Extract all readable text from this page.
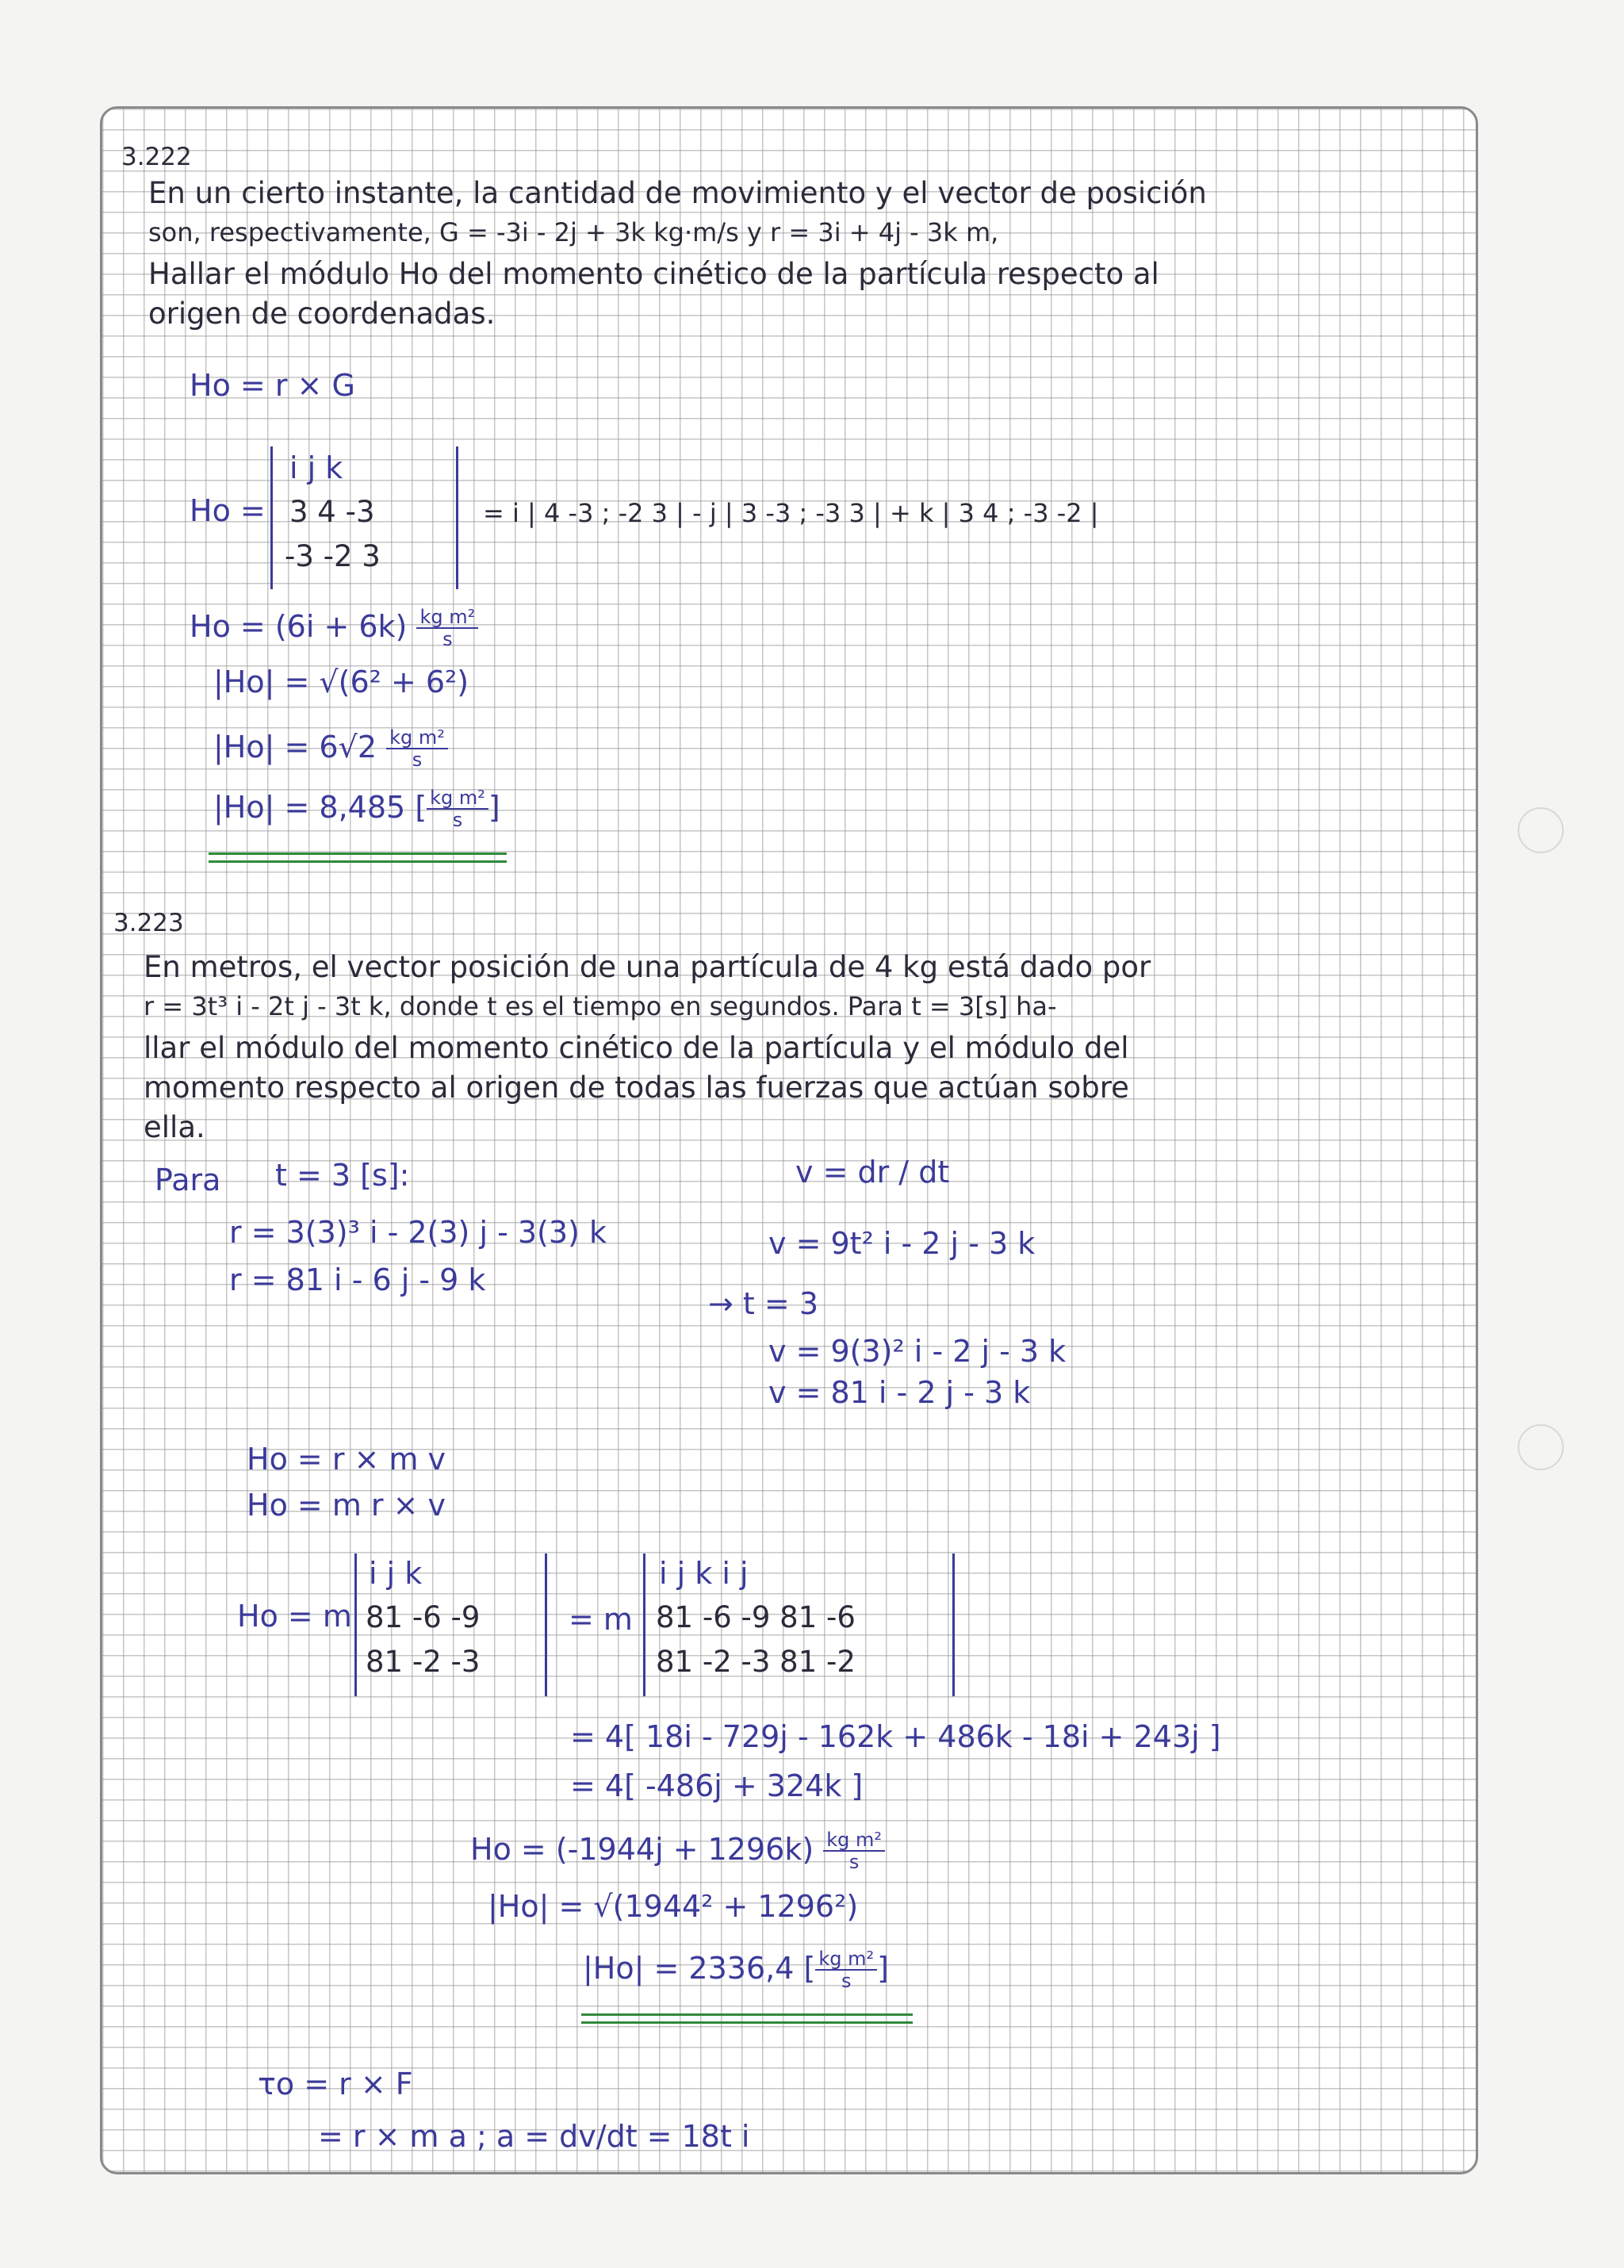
3.222
En un cierto instante, la cantidad de movimiento y el vector de posición
son, respectivamente, G = -3i - 2j + 3k kg·m/s y r = 3i + 4j - 3k m,
Hallar el módulo Ho del momento cinético de la partícula respecto al
origen de coordenadas.
Ho = r × G
Ho =
i j k
3 4 -3
-3 -2 3
= i | 4 -3 ; -2 3 | - j | 3 -3 ; -3 3 | + k | 3 4 ; -3 -2 |
$Ho = (6i + 6k) \frac{\text{kg m²}}{s}$
|Ho| = √(6² + 6²)
$|Ho| = 6√2 \frac{\text{kg m²}}{s}$
|Ho| = 8,485 [ $\frac{\text{kg m²}}{s}$ ]
3.223
En metros, el vector posición de una partícula de 4 kg está dado por
r = 3t³ i - 2t j - 3t k, donde t es el tiempo en segundos. Para t = 3[s] ha-
llar el módulo del momento cinético de la partícula y el módulo del
momento respecto al origen de todas las fuerzas que actúan sobre
ella.
Para t = 3 [s]:	v = dr / dt
r = 3(3)³ i - 2(3) j - 3(3) k	v = 9t² i - 2 j - 3 k
r = 81 i - 6 j - 9 k
→ t = 3
v = 9(3)² i - 2 j - 3 k
v = 81 i - 2 j - 3 k
Ho = r × m v
Ho = m r × v
Ho = m
i j k
81 -6 -9
81 -2 -3
= m
i j k i j
81 -6 -9 81 -6
81 -2 -3 81 -2
= 4[ 18i - 729j - 162k + 486k - 18i + 243j ]
= 4[ -486j + 324k ]
$Ho = (-1944j + 1296k) \frac{\text{kg m²}}{s}$
|Ho| = √(1944² + 1296²)
|Ho| = 2336,4 [ $\frac{\text{kg m²}}{s}$ ]
τo = r × F
= r × m a ; a = dv/dt = 18t i
